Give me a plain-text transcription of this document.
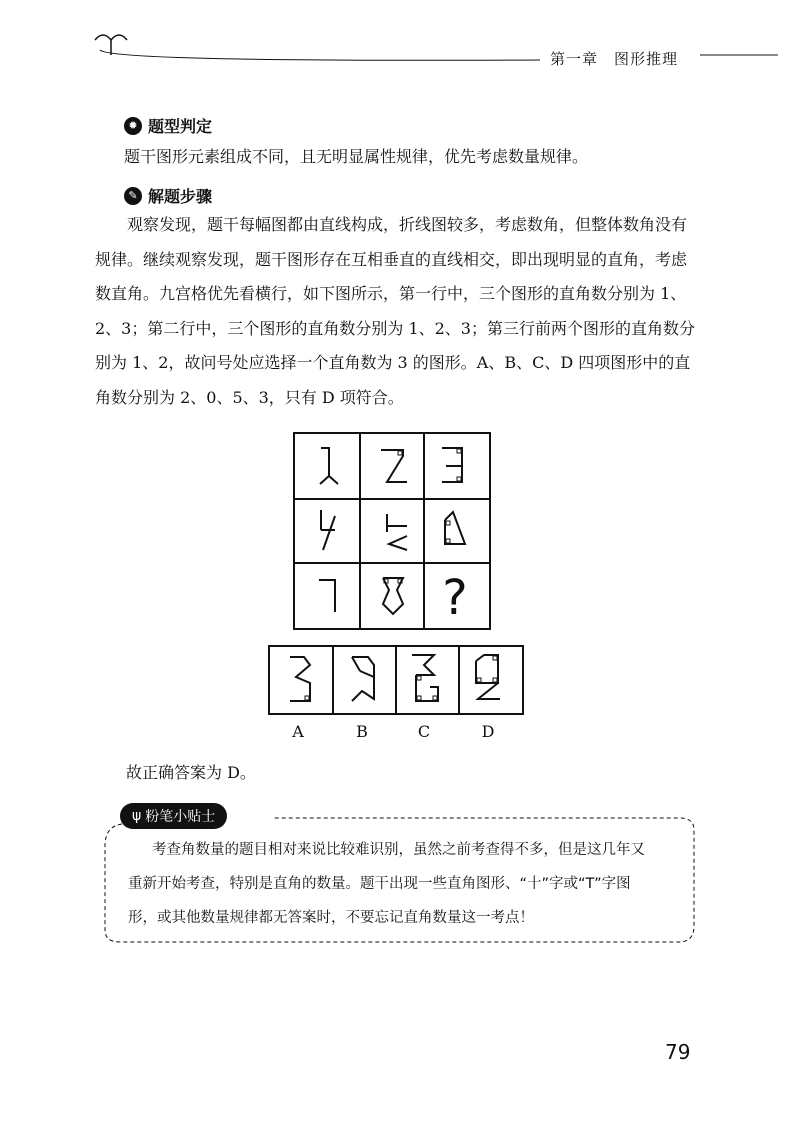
第一章　图形推理
✹ 题型判定
题干图形元素组成不同，且无明显属性规律，优先考虑数量规律。
✎ 解题步骤
观察发现，题干每幅图都由直线构成，折线图较多，考虑数角，但整体数角没有
规律。继续观察发现，题干图形存在互相垂直的直线相交，即出现明显的直角，考虑
数直角。九宫格优先看横行，如下图所示，第一行中，三个图形的直角数分别为 1、
2、3；第二行中，三个图形的直角数分别为 1、2、3；第三行前两个图形的直角数分
别为 1、2，故问号处应选择一个直角数为 3 的图形。A、B、C、D 四项图形中的直
角数分别为 2、0、5、3，只有 D 项符合。
?
A	B	C	D
故正确答案为 D。
ψ 粉笔小贴士
考查角数量的题目相对来说比较难识别，虽然之前考查得不多，但是这几年又
重新开始考查，特别是直角的数量。题干出现一些直角图形、“十”字或“T”字图
形，或其他数量规律都无答案时，不要忘记直角数量这一考点！
79
